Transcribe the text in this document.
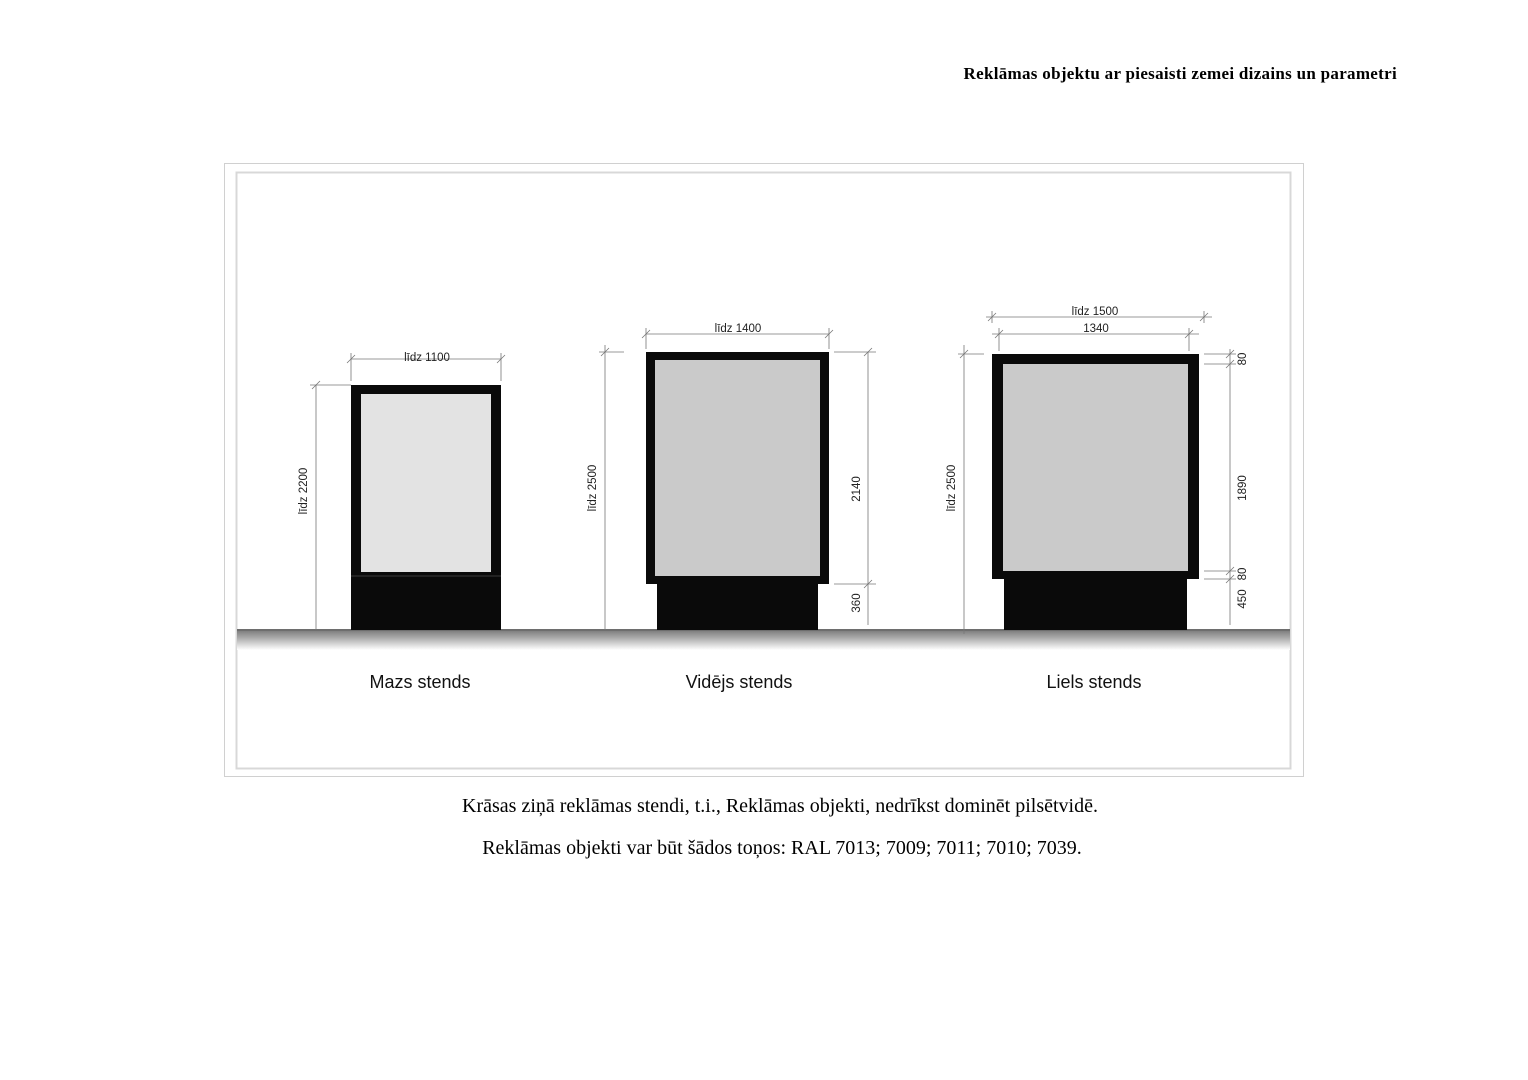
Reklāmas objektu ar piesaisti zemei dizains un parametri
līdz 1100
līdz 2200
Mazs stends
līdz 1400
līdz 2500	2140
360
Vidējs stends
līdz 1500
1340
līdz 2500
80
1890
80
450
Liels stends
Krāsas ziņā reklāmas stendi, t.i., Reklāmas objekti, nedrīkst dominēt pilsētvidē.
Reklāmas objekti var būt šādos toņos: RAL 7013; 7009; 7011; 7010; 7039.
